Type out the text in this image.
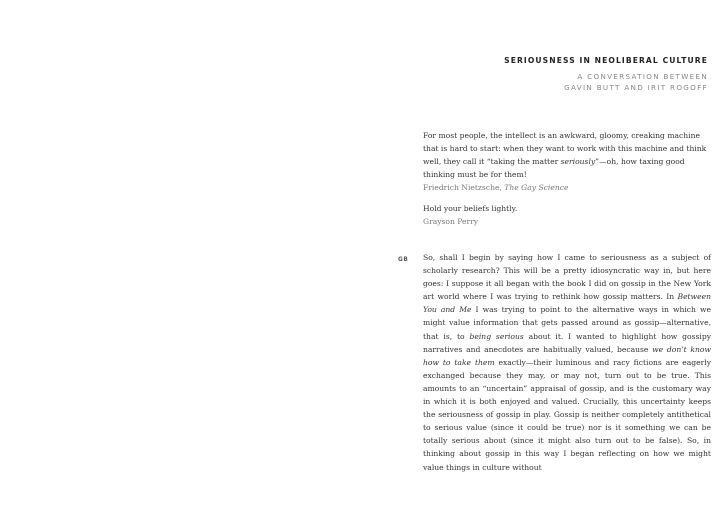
SERIOUSNESS IN NEOLIBERAL CULTURE
A CONVERSATION BETWEEN
GAVIN BUTT AND IRIT ROGOFF
For most people, the intellect is an awkward, gloomy, creaking machine that is hard to start: when they want to work with this machine and think well, they call it “taking the matter seriously”—oh, how taxing good thinking must be for them!
Friedrich Nietzsche, The Gay Science
Hold your beliefs lightly.
Grayson Perry
GB So, shall I begin by saying how I came to seriousness as a subject of scholarly research? This will be a pretty idiosyncratic way in, but here goes: I suppose it all began with the book I did on gossip in the New York art world where I was trying to rethink how gossip matters. In Between You and Me I was trying to point to the alternative ways in which we might value information that gets passed around as gossip—alternative, that is, to being serious about it. I wanted to highlight how gossipy narratives and anecdotes are habitually valued, because we don’t know how to take them exactly—their luminous and racy fictions are eagerly exchanged because they may, or may not, turn out to be true. This amounts to an “uncertain” appraisal of gossip, and is the customary way in which it is both enjoyed and valued. Crucially, this uncertainty keeps the seriousness of gossip in play. Gossip is neither completely antithetical to serious value (since it could be true) nor is it something we can be totally serious about (since it might also turn out to be false). So, in thinking about gossip in this way I began reflecting on how we might value things in culture without
